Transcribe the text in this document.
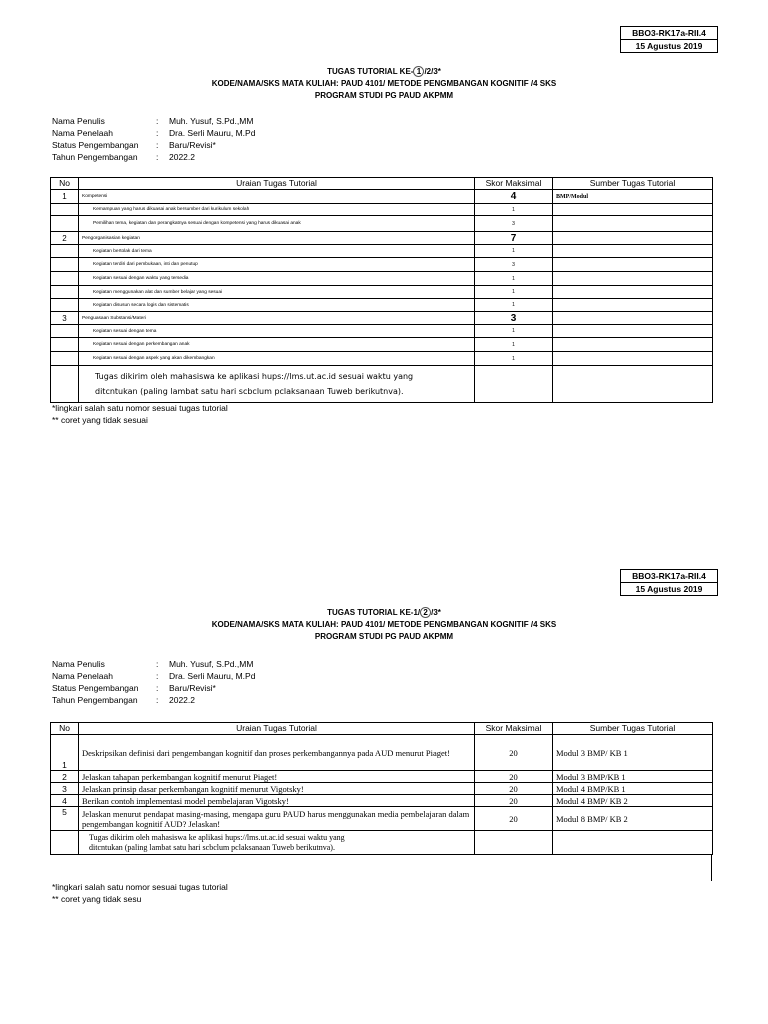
BBO3-RK17a-RII.4
15 Agustus 2019
TUGAS TUTORIAL KE- 1 /2/3*
KODE/NAMA/SKS MATA KULIAH: PAUD 4101/ METODE PENGMBANGAN KOGNITIF /4 SKS
PROGRAM STUDI PG PAUD AKPMM
Nama Penulis	:	Muh. Yusuf, S.Pd.,MM
Nama Penelaah	:	Dra. Serli Mauru, M.Pd
Status Pengembangan	:	Baru/Revisi*
Tahun Pengembangan	:	2022.2
No	Uraian Tugas Tutorial	Skor Maksimal	Sumber Tugas Tutorial
1	Kompetensi	4	BMP/Modul
	Kemampuan yang harus dikuasai anak bersumber dari kurikulum sekolah	1	
	Pemilihan tema, kegiatan dan perangkatnya sesuai dengan kompetensi yang harus dikuasai anak	3	
2	Pengorganisasian kegiatan	7	
	Kegiatan bertolak dari tema	1	
	Kegiatan terdiri dari pembukaan, inti dan penutup	3	
	Kegiatan sesuai dengan waktu yang tersedia	1	
	Kegiatan menggunakan alat dan sumber belajar yang sesuai	1	
	Kegiatan disusun secara logis dan sistematis	1	
3	Penguasaan Substansi/Materi	3	
	Kegiatan sesuai dengan tema	1	
	Kegiatan sesuai dengan perkembangan anak	1	
	Kegiatan sesuai dengan aspek yang akan dikembangkan	1	

	Tugas dikirim oleh mahasiswa ke aplikasi hups://lms.ut.ac.id sesuai waktu yang
ditcntukan (paling lambat satu hari scbclum pclaksanaan Tuweb berikutnva).		

*lingkari salah satu nomor sesuai tugas tutorial
** coret yang tidak sesuai
BBO3-RK17a-RII.4
15 Agustus 2019
TUGAS TUTORIAL KE-1/ 2 /3*
KODE/NAMA/SKS MATA KULIAH: PAUD 4101/ METODE PENGMBANGAN KOGNITIF /4 SKS
PROGRAM STUDI PG PAUD AKPMM
Nama Penulis	:	Muh. Yusuf, S.Pd.,MM
Nama Penelaah	:	Dra. Serli Mauru, M.Pd
Status Pengembangan	:	Baru/Revisi*
Tahun Pengembangan	:	2022.2
No	Uraian Tugas Tutorial	Skor Maksimal	Sumber Tugas Tutorial
1	Deskripsikan definisi dari pengembangan kognitif dan proses perkembangannya pada AUD menurut Piaget!	20	Modul 3 BMP/ KB 1
2	Jelaskan tahapan perkembangan kognitif menurut Piaget!	20	Modul 3 BMP/KB 1
3	Jelaskan prinsip dasar perkembangan kognitif menurut Vigotsky!	20	Modul 4 BMP/KB 1
4	Berikan contoh implementasi model pembelajaran Vigotsky!	20	Modul 4 BMP/ KB 2
5	Jelaskan menurut pendapat masing-masing, mengapa guru PAUD harus menggunakan media pembelajaran dalam pengembangan kognitif AUD? Jelaskan!	20	Modul 8 BMP/ KB 2

	Tugas dikirim oleh mahasiswa ke aplikasi hups://lms.ut.ac.id sesuai waktu yang
ditcntukan (paling lambat satu hari scbclum pclaksanaan Tuweb berikutnva).		

*lingkari salah satu nomor sesuai tugas tutorial
** coret yang tidak sesu
